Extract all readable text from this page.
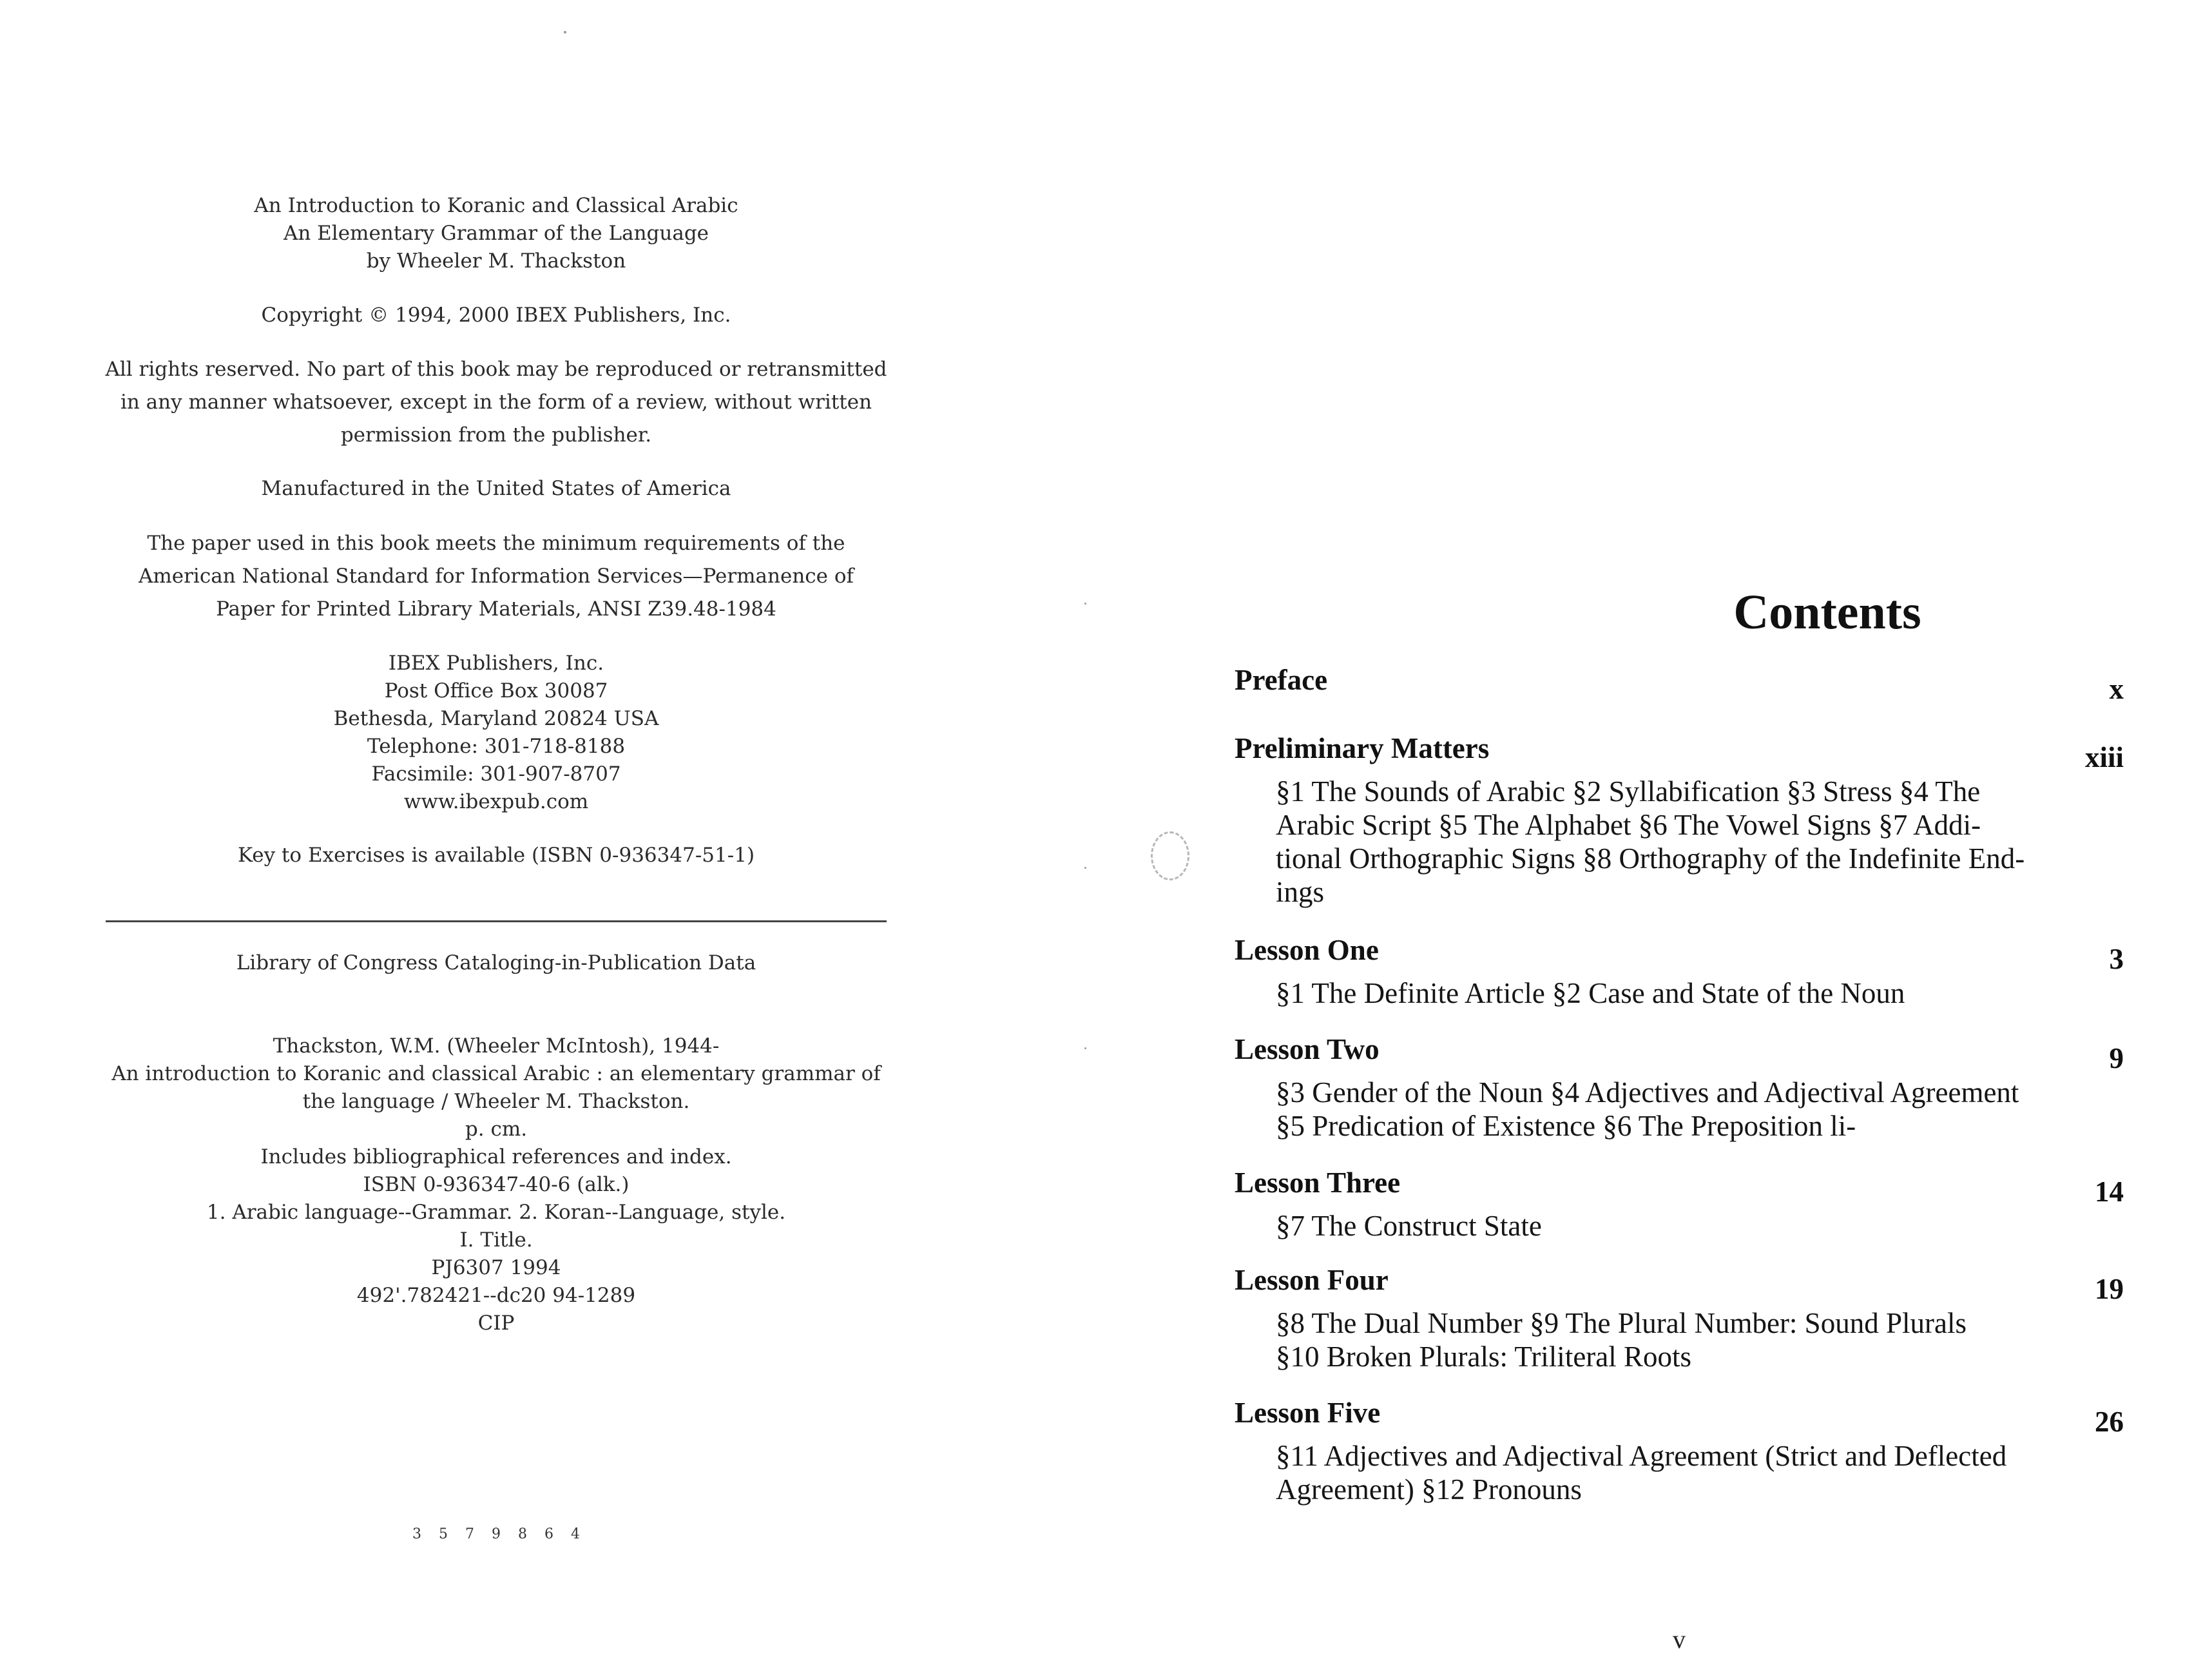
An Introduction to Koranic and Classical Arabic
An Elementary Grammar of the Language
by Wheeler M. Thackston
Copyright © 1994, 2000 IBEX Publishers, Inc.
All rights reserved. No part of this book may be reproduced or retransmitted
in any manner whatsoever, except in the form of a review, without written
permission from the publisher.
Manufactured in the United States of America
The paper used in this book meets the minimum requirements of the
American National Standard for Information Services—Permanence of
Paper for Printed Library Materials, ANSI Z39.48-1984
IBEX Publishers, Inc.
Post Office Box 30087
Bethesda, Maryland 20824 USA
Telephone: 301-718-8188
Facsimile: 301-907-8707
www.ibexpub.com
Key to Exercises is available (ISBN 0-936347-51-1)
Library of Congress Cataloging-in-Publication Data
Thackston, W.M. (Wheeler McIntosh), 1944-
An introduction to Koranic and classical Arabic : an elementary grammar of
the language / Wheeler M. Thackston.
p. cm.
Includes bibliographical references and index.
ISBN 0-936347-40-6 (alk.)
1. Arabic language--Grammar. 2. Koran--Language, style.
I. Title.
PJ6307 1994
492'.782421--dc20 94-1289
CIP
3 5 7 9 8 6 4
Contents
Preface	x
Preliminary Matters	xiii
§1 The Sounds of Arabic §2 Syllabification §3 Stress §4 The
Arabic Script §5 The Alphabet §6 The Vowel Signs §7 Addi-
tional Orthographic Signs §8 Orthography of the Indefinite End-
ings
Lesson One	3
§1 The Definite Article §2 Case and State of the Noun
Lesson Two	9
§3 Gender of the Noun §4 Adjectives and Adjectival Agreement
§5 Predication of Existence §6 The Preposition li-
Lesson Three	14
§7 The Construct State
Lesson Four	19
§8 The Dual Number §9 The Plural Number: Sound Plurals
§10 Broken Plurals: Triliteral Roots
Lesson Five	26
§11 Adjectives and Adjectival Agreement (Strict and Deflected
Agreement) §12 Pronouns
v
